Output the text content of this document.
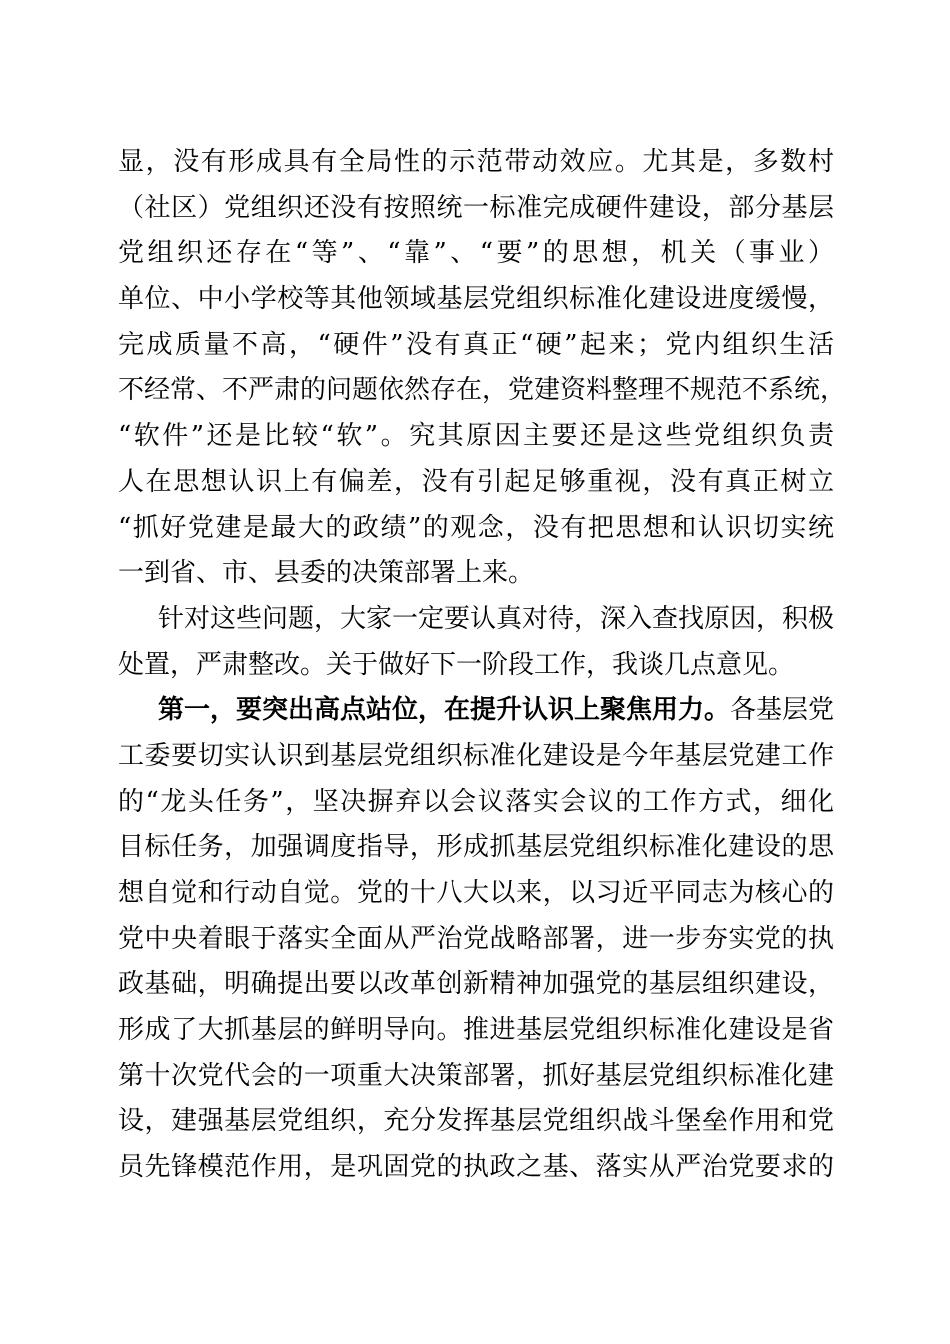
显，没有形成具有全局性的示范带动效应。尤其是，多数村
（社区）党组织还没有按照统一标准完成硬件建设，部分基层
党组织还存在“等”、“靠”、“要”的思想，机关（事业）
单位、中小学校等其他领域基层党组织标准化建设进度缓慢，
完成质量不高，“硬件”没有真正“硬”起来；党内组织生活
不经常、不严肃的问题依然存在，党建资料整理不规范不系统，
“软件”还是比较“软”。究其原因主要还是这些党组织负责
人在思想认识上有偏差，没有引起足够重视，没有真正树立
“抓好党建是最大的政绩”的观念，没有把思想和认识切实统
一到省、市、县委的决策部署上来。
针对这些问题，大家一定要认真对待，深入查找原因，积极
处置，严肃整改。关于做好下一阶段工作，我谈几点意见。
第一，要突出高点站位，在提升认识上聚焦用力。各基层党
工委要切实认识到基层党组织标准化建设是今年基层党建工作
的“龙头任务”，坚决摒弃以会议落实会议的工作方式，细化
目标任务，加强调度指导，形成抓基层党组织标准化建设的思
想自觉和行动自觉。党的十八大以来，以习近平同志为核心的
党中央着眼于落实全面从严治党战略部署，进一步夯实党的执
政基础，明确提出要以改革创新精神加强党的基层组织建设，
形成了大抓基层的鲜明导向。推进基层党组织标准化建设是省
第十次党代会的一项重大决策部署，抓好基层党组织标准化建
设，建强基层党组织，充分发挥基层党组织战斗堡垒作用和党
员先锋模范作用，是巩固党的执政之基、落实从严治党要求的
